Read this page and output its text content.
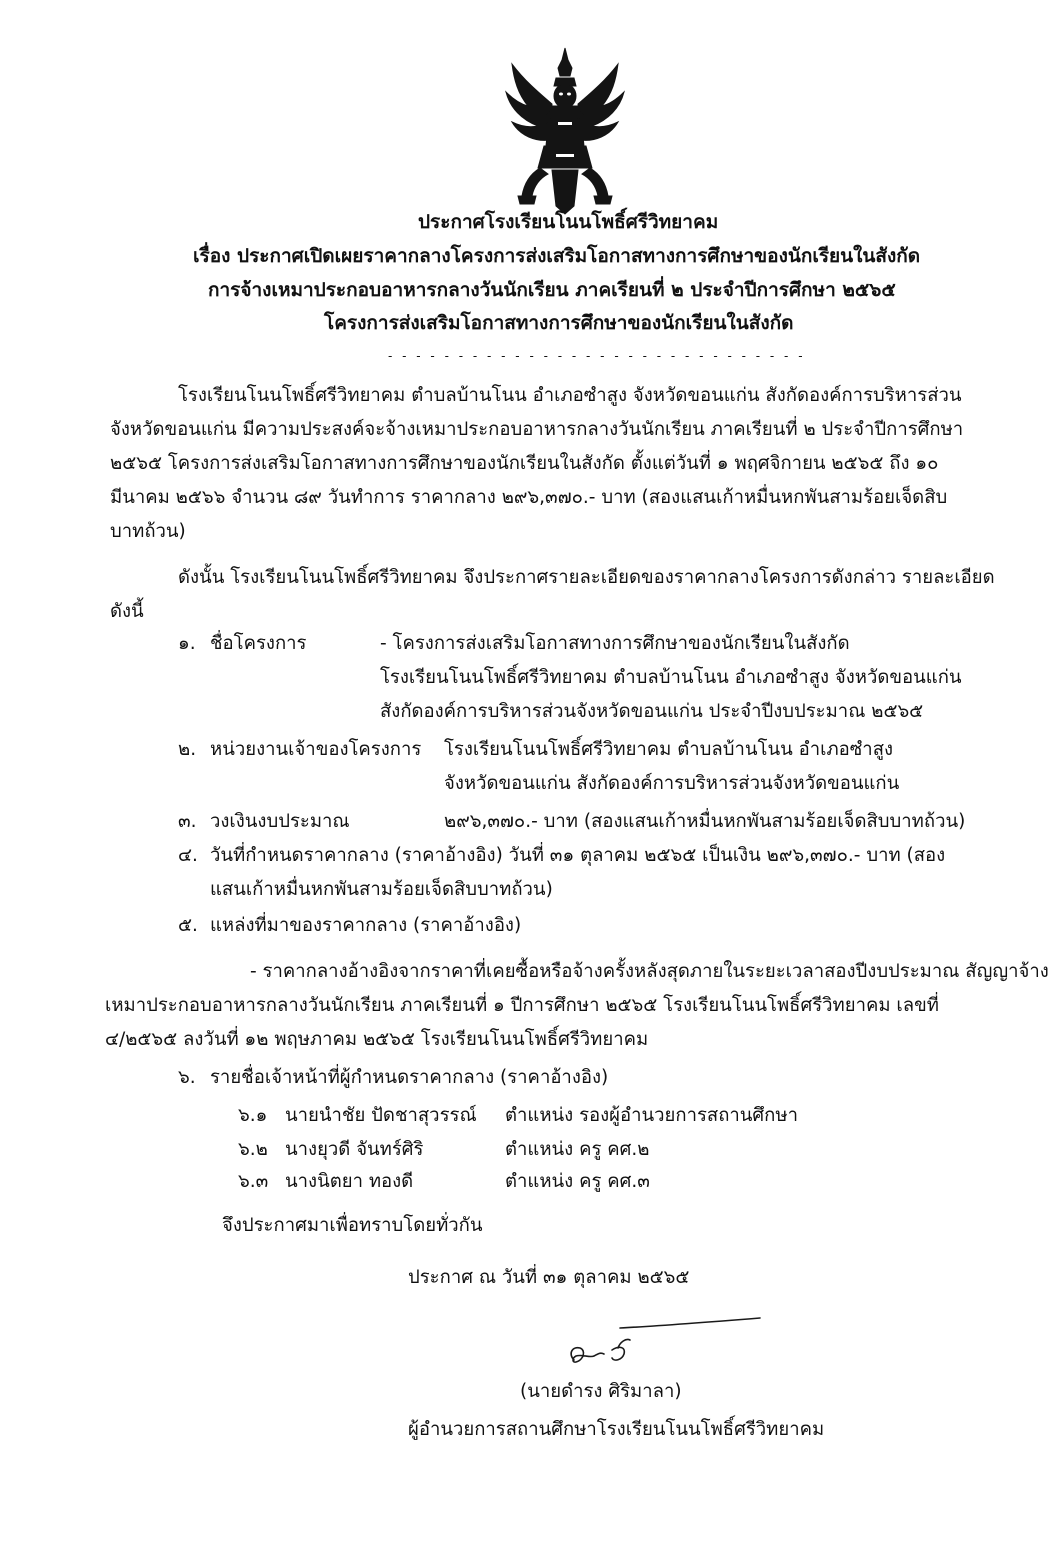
ประกาศโรงเรียนโนนโพธิ์ศรีวิทยาคม
เรื่อง ประกาศเปิดเผยราคากลางโครงการส่งเสริมโอกาสทางการศึกษาของนักเรียนในสังกัด
การจ้างเหมาประกอบอาหารกลางวันนักเรียน ภาคเรียนที่ ๒ ประจำปีการศึกษา ๒๕๖๕
โครงการส่งเสริมโอกาสทางการศึกษาของนักเรียนในสังกัด
- - - - - - - - - - - - - - - - - - - - - - - - - - - - - -
โรงเรียนโนนโพธิ์ศรีวิทยาคม ตำบลบ้านโนน อำเภอซำสูง จังหวัดขอนแก่น สังกัดองค์การบริหารส่วน
จังหวัดขอนแก่น มีความประสงค์จะจ้างเหมาประกอบอาหารกลางวันนักเรียน ภาคเรียนที่ ๒ ประจำปีการศึกษา
๒๕๖๕ โครงการส่งเสริมโอกาสทางการศึกษาของนักเรียนในสังกัด ตั้งแต่วันที่ ๑ พฤศจิกายน ๒๕๖๕ ถึง ๑๐
มีนาคม ๒๕๖๖ จำนวน ๘๙ วันทำการ ราคากลาง ๒๙๖,๓๗๐.- บาท (สองแสนเก้าหมื่นหกพันสามร้อยเจ็ดสิบ
บาทถ้วน)
ดังนั้น โรงเรียนโนนโพธิ์ศรีวิทยาคม จึงประกาศรายละเอียดของราคากลางโครงการดังกล่าว รายละเอียด
ดังนี้
๑. ชื่อโครงการ	- โครงการส่งเสริมโอกาสทางการศึกษาของนักเรียนในสังกัด
โรงเรียนโนนโพธิ์ศรีวิทยาคม ตำบลบ้านโนน อำเภอซำสูง จังหวัดขอนแก่น
สังกัดองค์การบริหารส่วนจังหวัดขอนแก่น ประจำปีงบประมาณ ๒๕๖๕
๒. หน่วยงานเจ้าของโครงการ โรงเรียนโนนโพธิ์ศรีวิทยาคม ตำบลบ้านโนน อำเภอซำสูง
จังหวัดขอนแก่น สังกัดองค์การบริหารส่วนจังหวัดขอนแก่น
๓. วงเงินงบประมาณ	๒๙๖,๓๗๐.- บาท (สองแสนเก้าหมื่นหกพันสามร้อยเจ็ดสิบบาทถ้วน)
๔. วันที่กำหนดราคากลาง (ราคาอ้างอิง) วันที่ ๓๑ ตุลาคม ๒๕๖๕ เป็นเงิน ๒๙๖,๓๗๐.- บาท (สอง
แสนเก้าหมื่นหกพันสามร้อยเจ็ดสิบบาทถ้วน)
๕. แหล่งที่มาของราคากลาง (ราคาอ้างอิง)
- ราคากลางอ้างอิงจากราคาที่เคยซื้อหรือจ้างครั้งหลังสุดภายในระยะเวลาสองปีงบประมาณ สัญญาจ้าง
เหมาประกอบอาหารกลางวันนักเรียน ภาคเรียนที่ ๑ ปีการศึกษา ๒๕๖๕ โรงเรียนโนนโพธิ์ศรีวิทยาคม เลขที่
๔/๒๕๖๕ ลงวันที่ ๑๒ พฤษภาคม ๒๕๖๕ โรงเรียนโนนโพธิ์ศรีวิทยาคม
๖. รายชื่อเจ้าหน้าที่ผู้กำหนดราคากลาง (ราคาอ้างอิง)
๖.๑ นายนำชัย ปัดชาสุวรรณ์ ตำแหน่ง รองผู้อำนวยการสถานศึกษา
๖.๒ นางยุวดี จันทร์ศิริ	ตำแหน่ง ครู คศ.๒
๖.๓ นางนิตยา ทองดี	ตำแหน่ง ครู คศ.๓
จึงประกาศมาเพื่อทราบโดยทั่วกัน
ประกาศ ณ วันที่ ๓๑ ตุลาคม ๒๕๖๕
(นายดำรง ศิริมาลา)
ผู้อำนวยการสถานศึกษาโรงเรียนโนนโพธิ์ศรีวิทยาคม
